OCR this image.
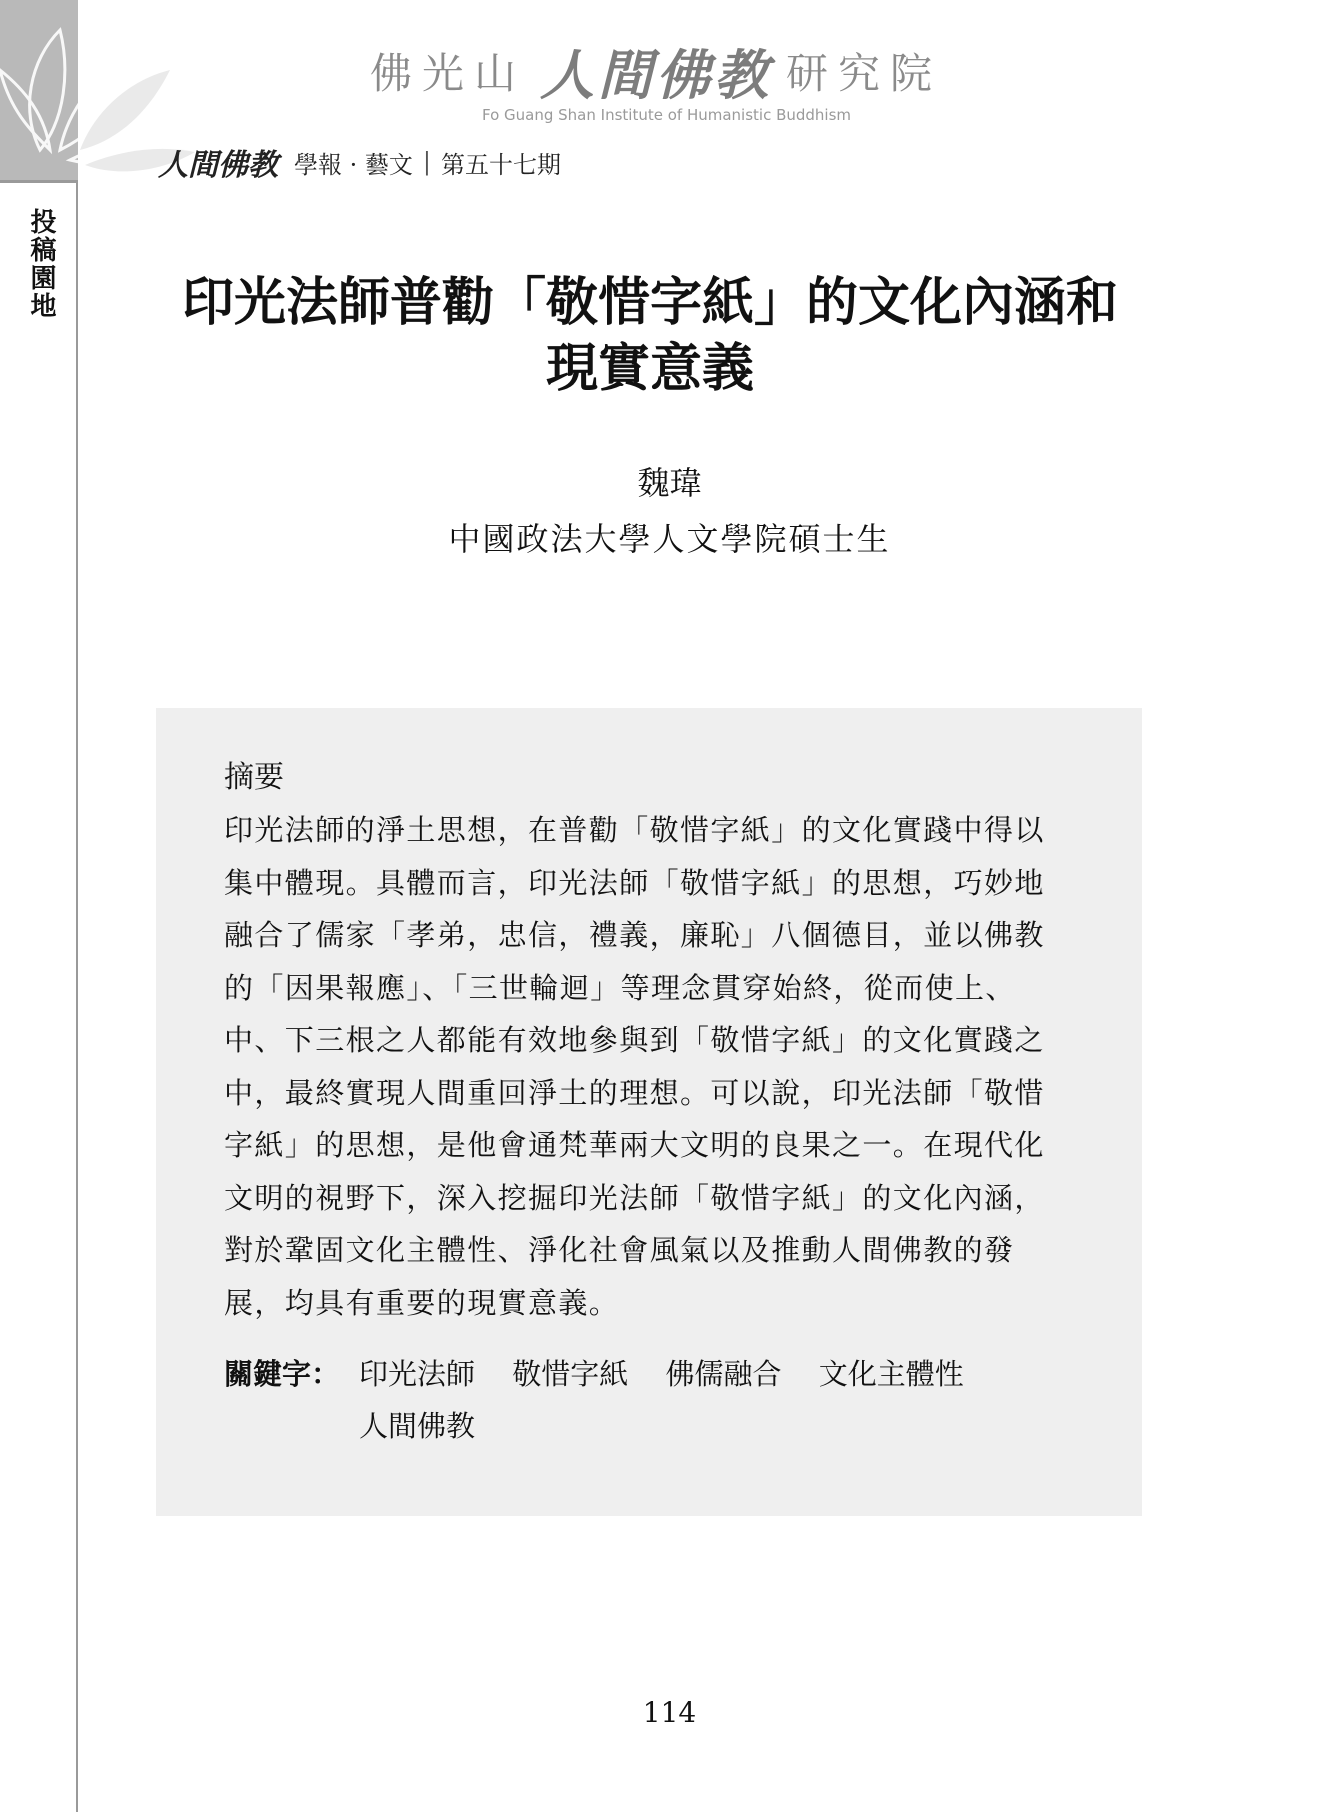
投稿園地
佛光山 人間佛教 研究院
Fo Guang Shan Institute of Humanistic Buddhism
人間佛教 學報 · 藝文 | 第五十七期
印光法師普勸「敬惜字紙」的文化內涵和
現實意義
魏瑋
中國政法大學人文學院碩士生
摘要
印光法師的淨土思想，在普勸「敬惜字紙」的文化實踐中得以集中體現。具體而言，印光法師「敬惜字紙」的思想，巧妙地融合了儒家「孝弟，忠信，禮義，廉恥」八個德目，並以佛教的「因果報應」、「三世輪迴」等理念貫穿始終，從而使上、中、下三根之人都能有效地參與到「敬惜字紙」的文化實踐之中，最終實現人間重回淨土的理想。可以說，印光法師「敬惜字紙」的思想，是他會通梵華兩大文明的良果之一。在現代化文明的視野下，深入挖掘印光法師「敬惜字紙」的文化內涵，對於鞏固文化主體性、淨化社會風氣以及推動人間佛教的發展，均具有重要的現實意義。
關鍵字： 印光法師 敬惜字紙 佛儒融合 文化主體性 人間佛教
114
